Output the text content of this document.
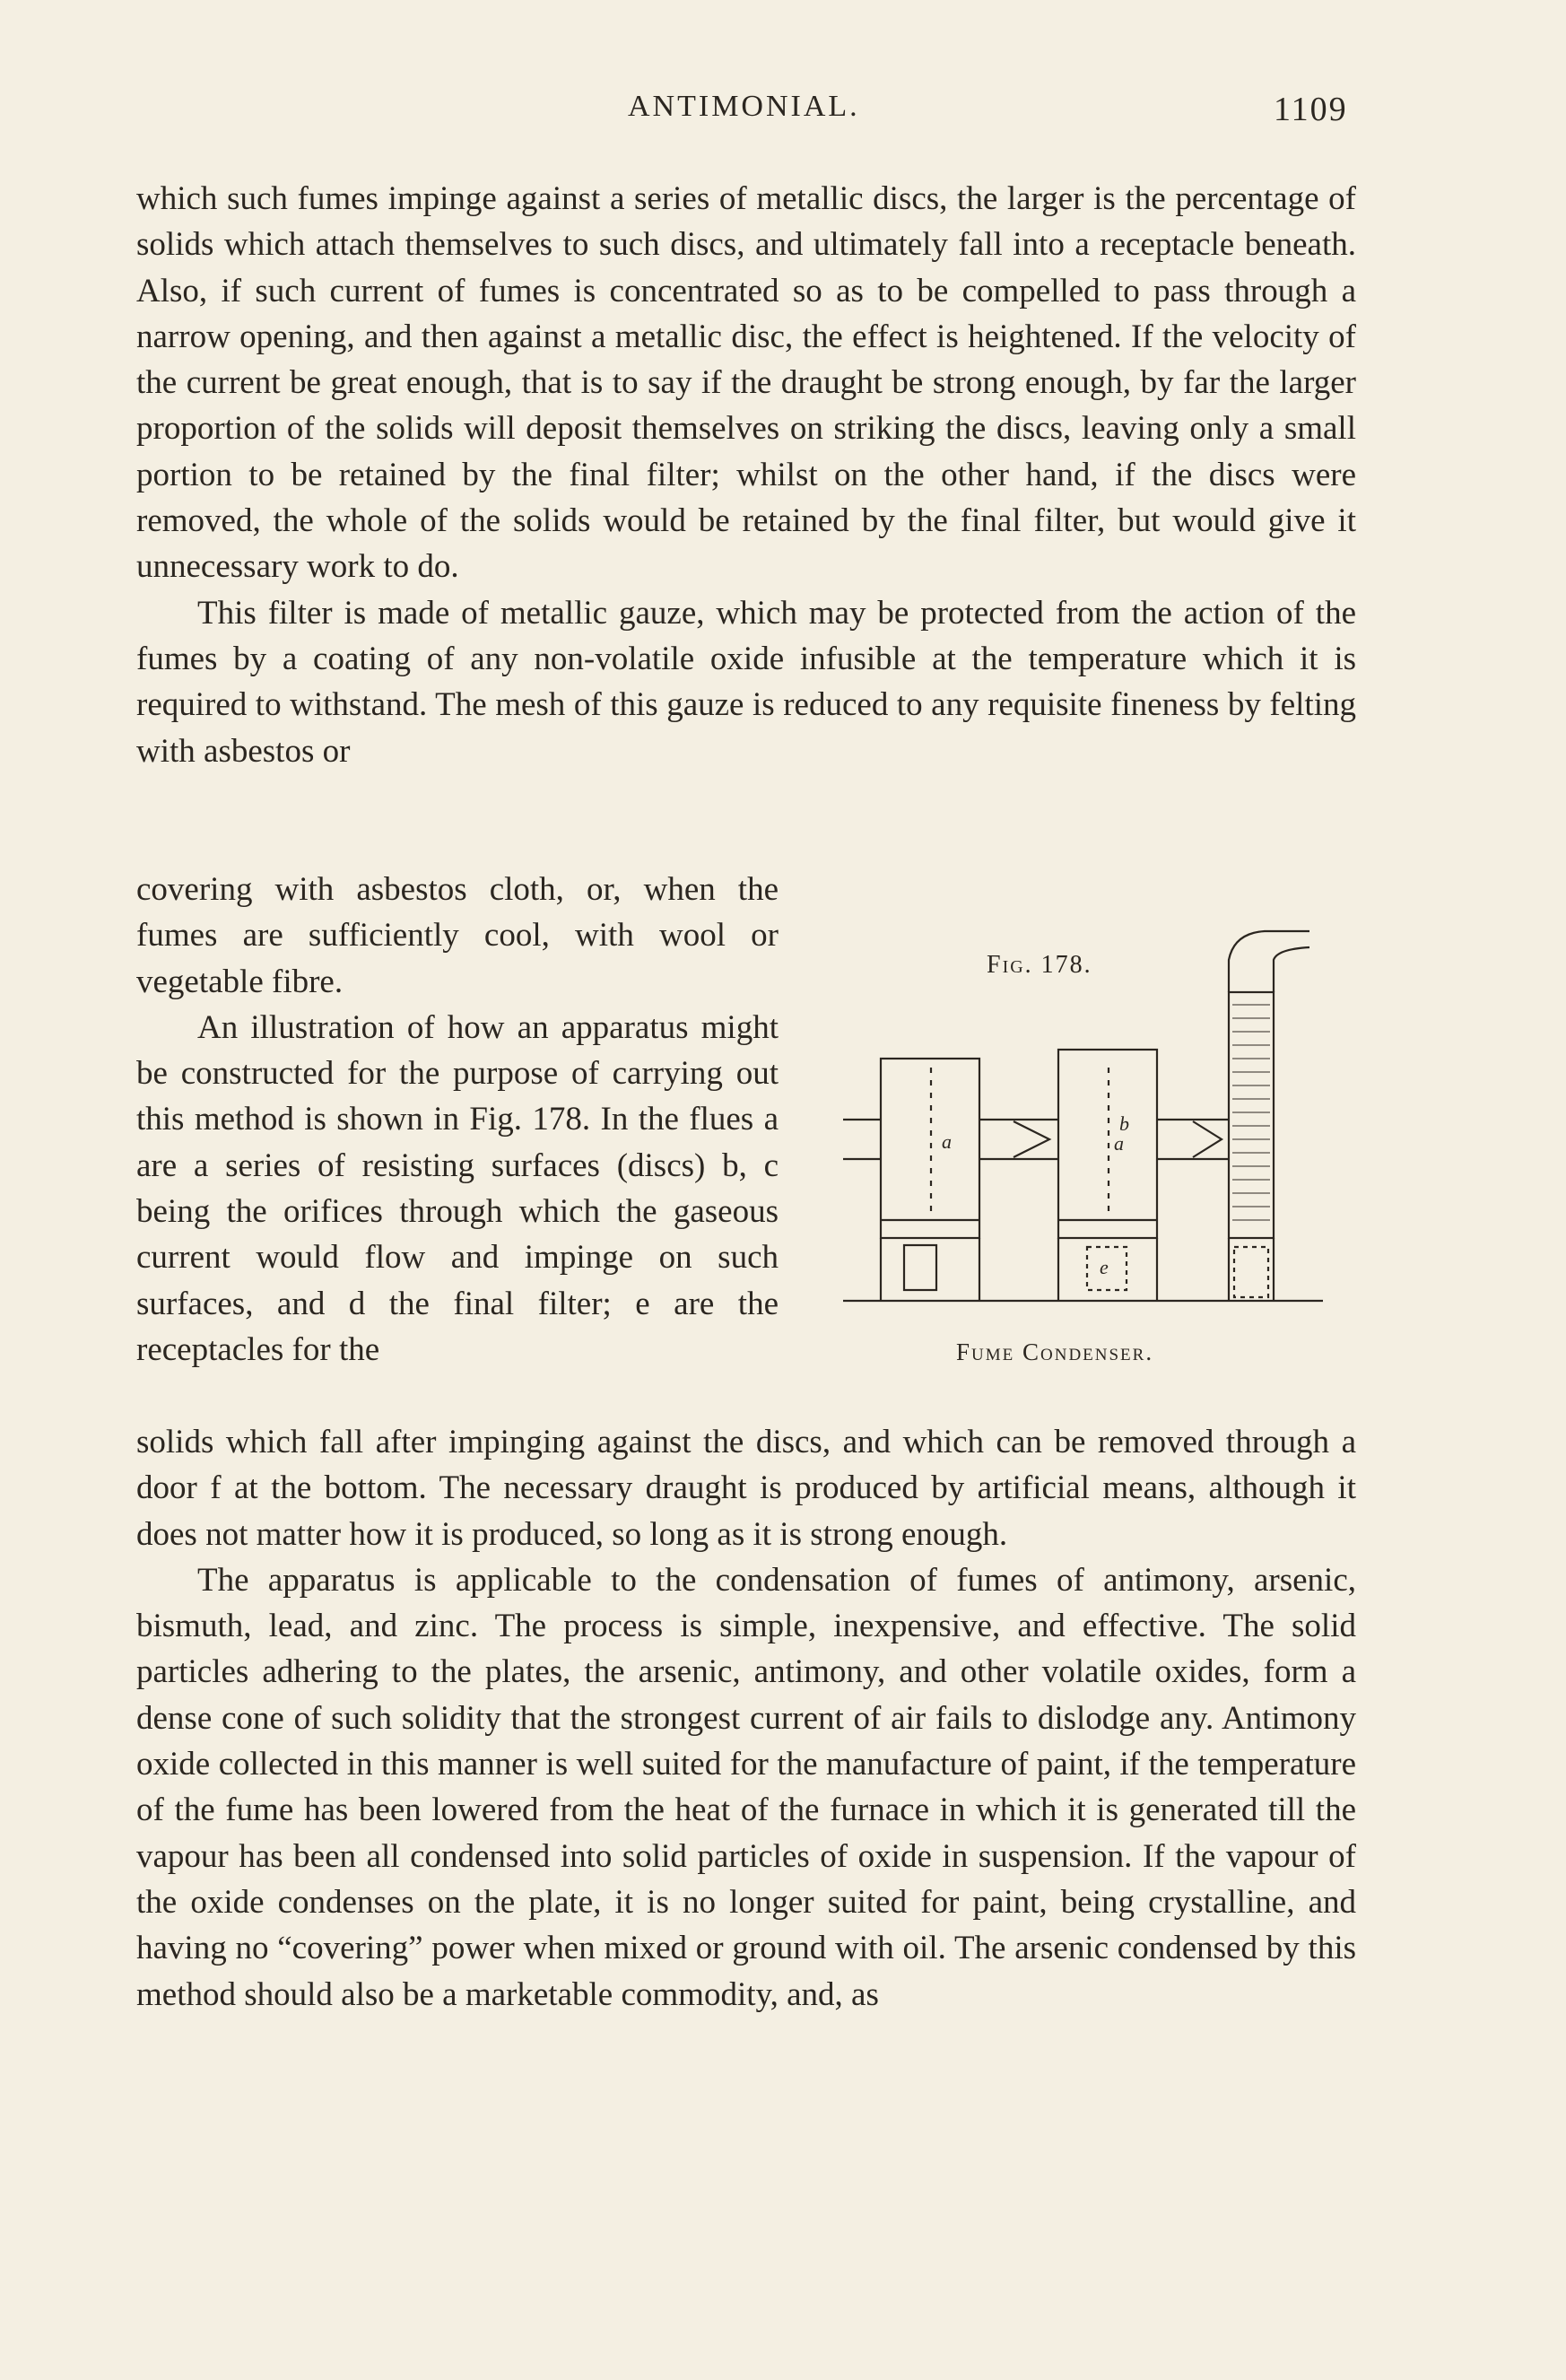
ANTIMONIAL.	1109

which such fumes impinge against a series of metallic discs, the larger is the percentage of solids which attach themselves to such discs, and ultimately fall into a receptacle beneath. Also, if such current of fumes is concentrated so as to be compelled to pass through a narrow opening, and then against a metallic disc, the effect is heightened. If the velocity of the current be great enough, that is to say if the draught be strong enough, by far the larger proportion of the solids will deposit themselves on striking the discs, leaving only a small portion to be retained by the final filter; whilst on the other hand, if the discs were removed, the whole of the solids would be retained by the final filter, but would give it unnecessary work to do.

This filter is made of metallic gauze, which may be protected from the action of the fumes by a coating of any non-volatile oxide infusible at the temperature which it is required to withstand. The mesh of this gauze is reduced to any requisite fineness by felting with asbestos or

covering with asbestos cloth, or, when the fumes are sufficiently cool, with wool or vegetable fibre.

An illustration of how an apparatus might be constructed for the purpose of carrying out this method is shown in Fig. 178. In the flues a are a series of resisting surfaces (discs) b, c being the orifices through which the gaseous current would flow and impinge on such surfaces, and d the final filter; e are the receptacles for the

a	a
b
e
Fig. 178.
Fume Condenser.

solids which fall after impinging against the discs, and which can be removed through a door f at the bottom. The necessary draught is produced by artificial means, although it does not matter how it is produced, so long as it is strong enough.

The apparatus is applicable to the condensation of fumes of antimony, arsenic, bismuth, lead, and zinc. The process is simple, inexpensive, and effective. The solid particles adhering to the plates, the arsenic, antimony, and other volatile oxides, form a dense cone of such solidity that the strongest current of air fails to dislodge any. Antimony oxide collected in this manner is well suited for the manufacture of paint, if the temperature of the fume has been lowered from the heat of the furnace in which it is generated till the vapour has been all condensed into solid particles of oxide in suspension. If the vapour of the oxide condenses on the plate, it is no longer suited for paint, being crystalline, and having no “covering” power when mixed or ground with oil. The arsenic condensed by this method should also be a marketable commodity, and, as
